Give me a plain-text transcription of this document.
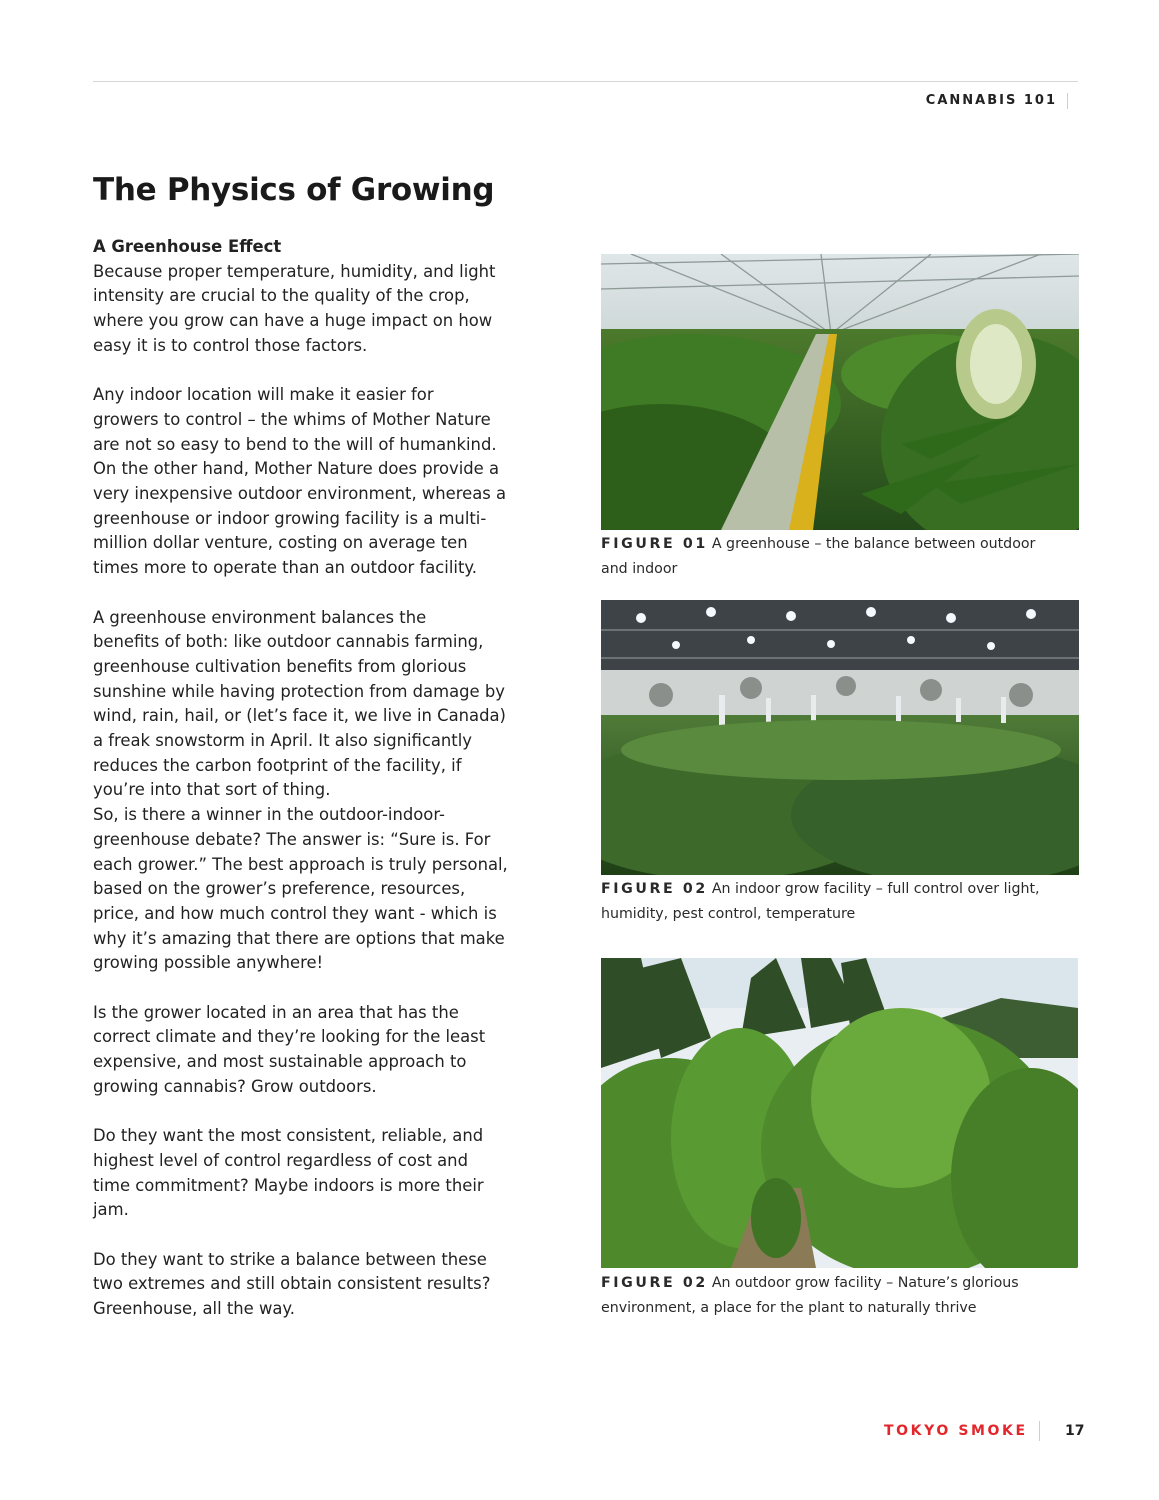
CANNABIS 101
The Physics of Growing

A Greenhouse Effect

Because proper temperature, humidity, and light
intensity are crucial to the quality of the crop,
where you grow can have a huge impact on how
easy it is to control those factors.

Any indoor location will make it easier for
growers to control – the whims of Mother Nature
are not so easy to bend to the will of humankind.
On the other hand, Mother Nature does provide a
very inexpensive outdoor environment, whereas a
greenhouse or indoor growing facility is a multi-
million dollar venture, costing on average ten
times more to operate than an outdoor facility.

A greenhouse environment balances the
benefits of both: like outdoor cannabis farming,
greenhouse cultivation benefits from glorious
sunshine while having protection from damage by
wind, rain, hail, or (let’s face it, we live in Canada)
a freak snowstorm in April. It also significantly
reduces the carbon footprint of the facility, if
you’re into that sort of thing.
So, is there a winner in the outdoor-indoor-
greenhouse debate? The answer is: “Sure is. For
each grower.” The best approach is truly personal,
based on the grower’s preference, resources,
price, and how much control they want - which is
why it’s amazing that there are options that make
growing possible anywhere!

Is the grower located in an area that has the
correct climate and they’re looking for the least
expensive, and most sustainable approach to
growing cannabis? Grow outdoors.

Do they want the most consistent, reliable, and
highest level of control regardless of cost and
time commitment? Maybe indoors is more their
jam.

Do they want to strike a balance between these
two extremes and still obtain consistent results?
Greenhouse, all the way.

FIGURE 01 A greenhouse – the balance between outdoor
and indoor
FIGURE 02 An indoor grow facility – full control over light,
humidity, pest control, temperature
FIGURE 02 An outdoor grow facility – Nature’s glorious
environment, a place for the plant to naturally thrive
TOKYO SMOKE	17
